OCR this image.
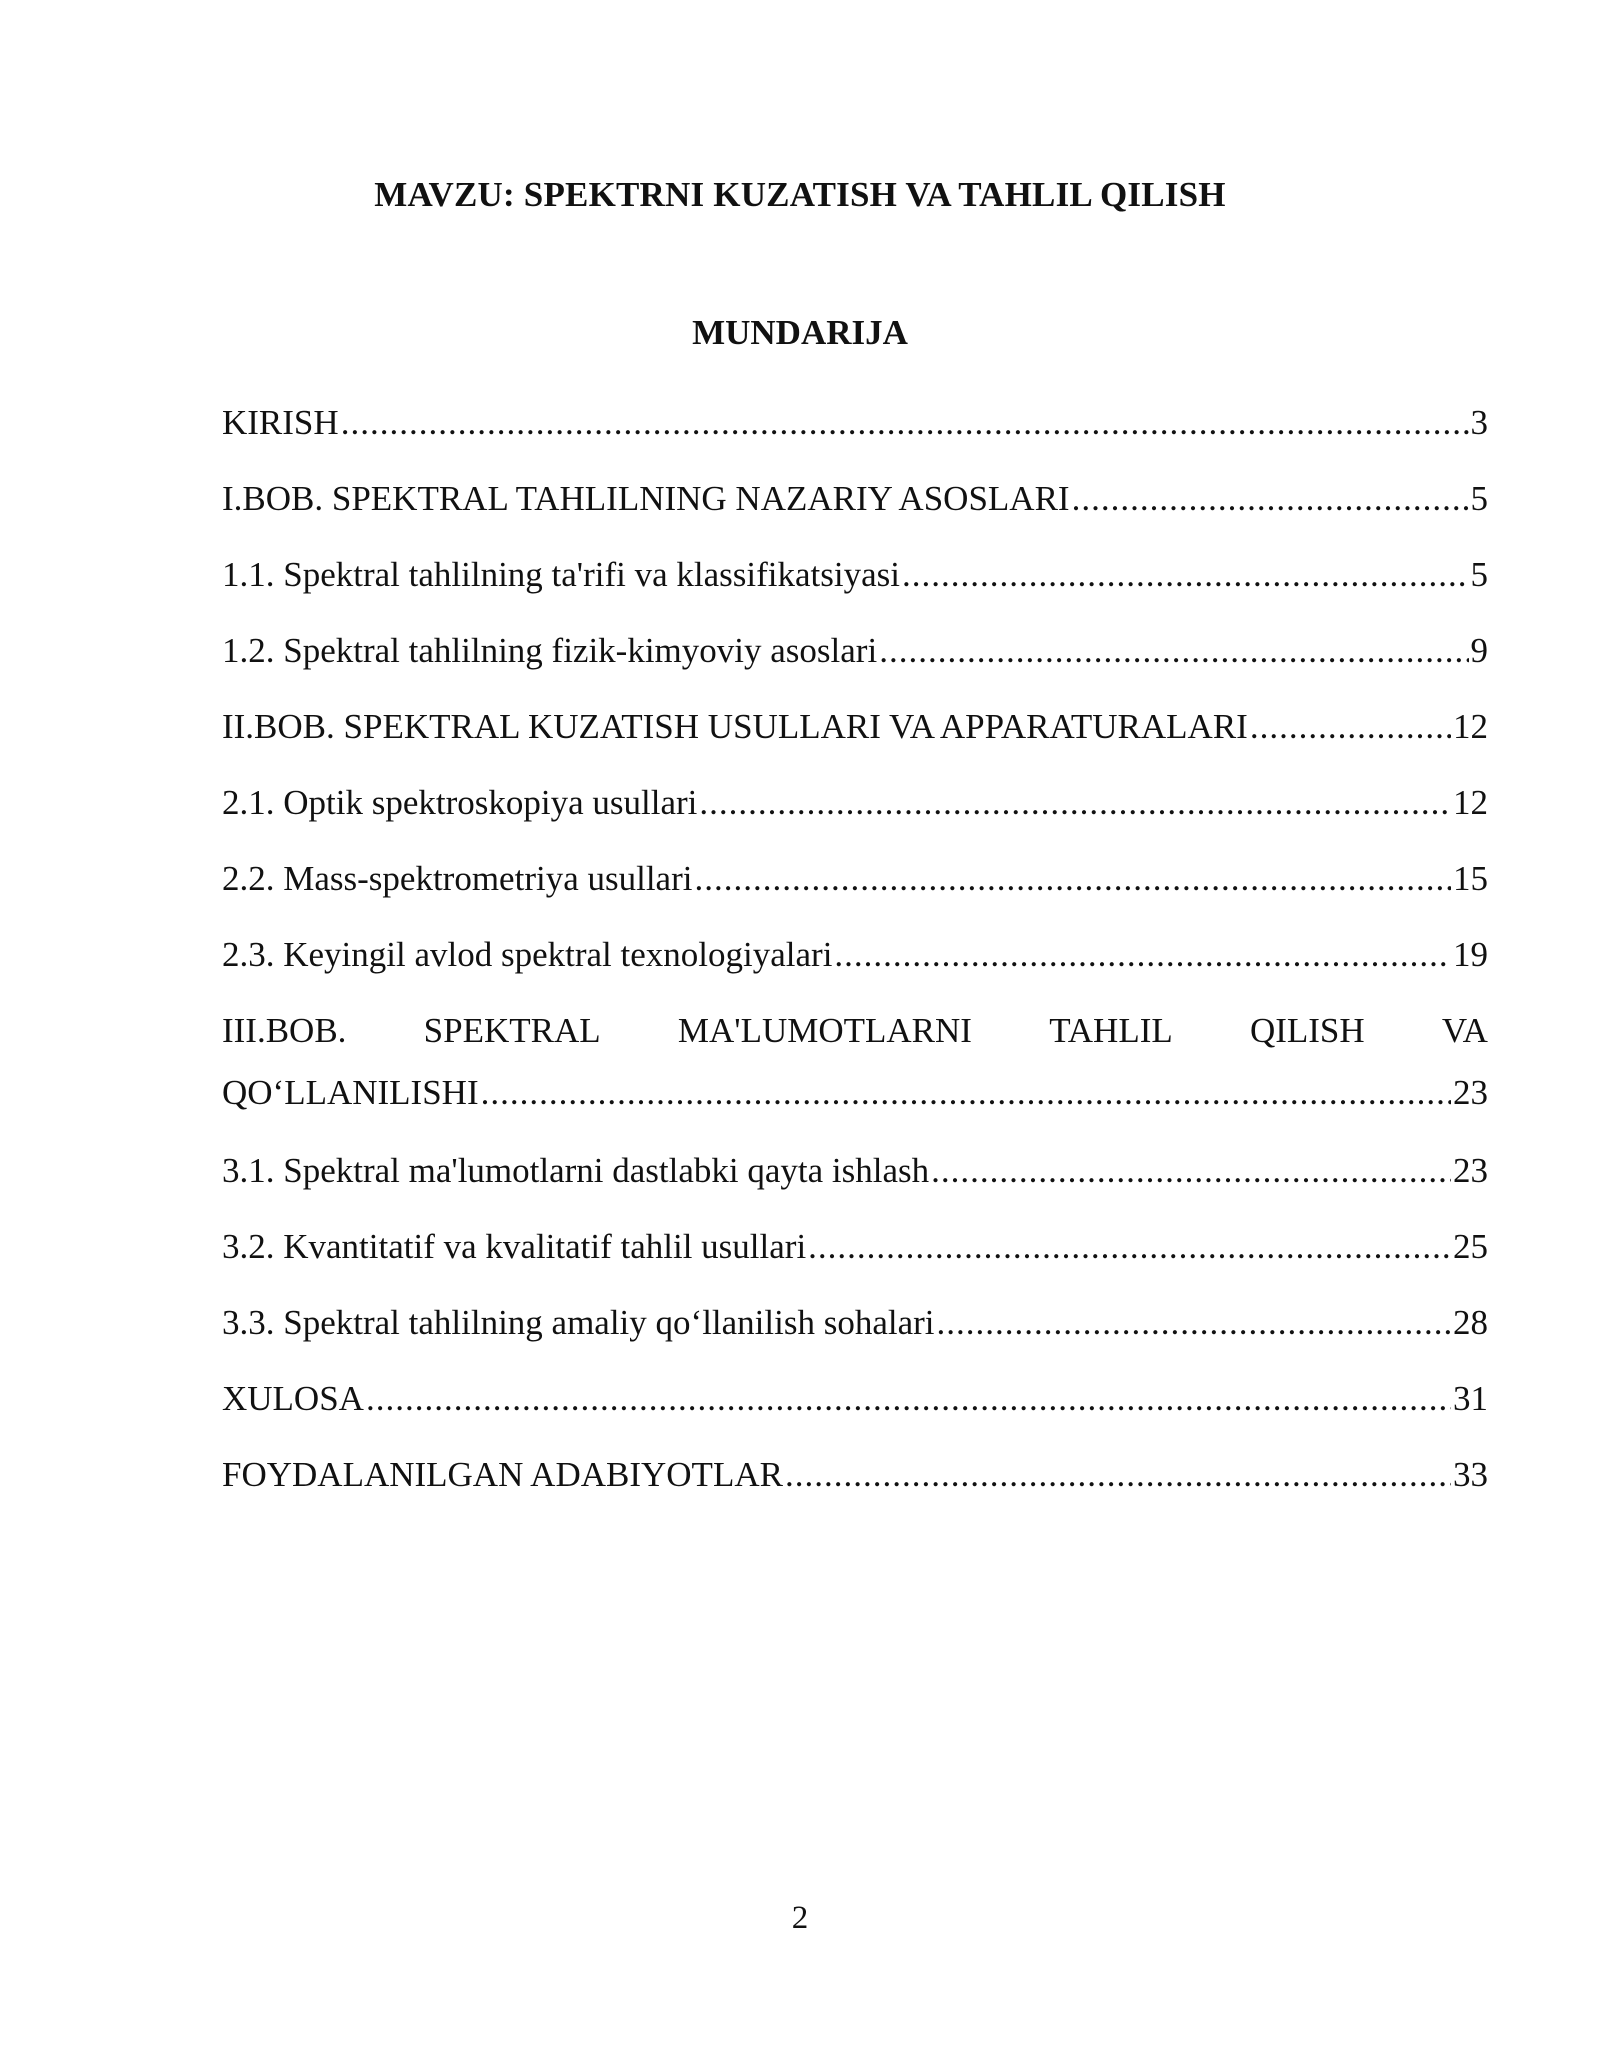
MAVZU: SPEKTRNI KUZATISH VA TAHLIL QILISH
MUNDARIJA
KIRISH .....	3
I.BOB. SPEKTRAL TAHLILNING NAZARIY ASOSLARI .....	5
1.1. Spektral tahlilning ta'rifi va klassifikatsiyasi .....	5
1.2. Spektral tahlilning fizik-kimyoviy asoslari .....	9
II.BOB. SPEKTRAL KUZATISH USULLARI VA APPARATURALARI .....	12
2.1. Optik spektroskopiya usullari .....	12
2.2. Mass-spektrometriya usullari .....	15
2.3. Keyingil avlod spektral texnologiyalari .....	19
III.BOB. SPEKTRAL MA'LUMOTLARNI TAHLIL QILISH VA
QO‘LLANILISHI .....	23
3.1. Spektral ma'lumotlarni dastlabki qayta ishlash .....	23
3.2. Kvantitatif va kvalitatif tahlil usullari .....	25
3.3. Spektral tahlilning amaliy qo‘llanilish sohalari .....	28
XULOSA .....	31
FOYDALANILGAN ADABIYOTLAR .....	33
2
